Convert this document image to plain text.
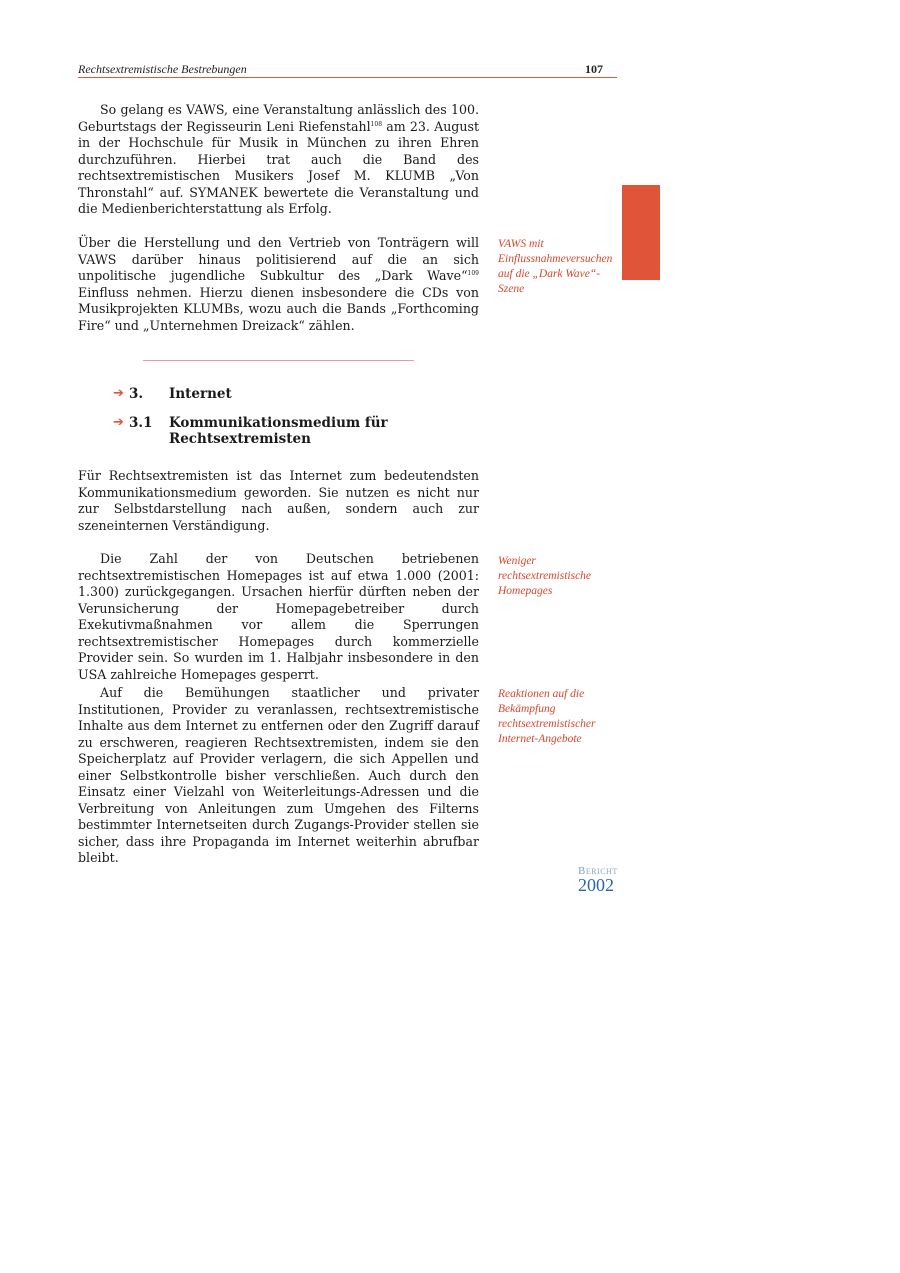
Rechtsextremistische Bestrebungen	107

So gelang es VAWS, eine Veranstaltung anlässlich des 100. Geburtstags der Regisseurin Leni Riefenstahl$^{108}$ am 23. August in der Hochschule für Musik in München zu ihren Ehren durchzuführen. Hierbei trat auch die Band des rechtsextremistischen Musikers Josef M. KLUMB „Von Thronstahl“ auf. SYMANEK bewertete die Veranstaltung und die Medienberichterstattung als Erfolg.

Über die Herstellung und den Vertrieb von Tonträgern will VAWS darüber hinaus politisierend auf die an sich unpolitische jugendliche Subkultur des „Dark Wave“$^{109}$ Einfluss nehmen. Hierzu dienen insbesondere die CDs von Musikprojekten KLUMBs, wozu auch die Bands „Forthcoming Fire“ und „Unternehmen Dreizack“ zählen.

VAWS mit Einflussnahmeversuchen auf die „Dark Wave“-Szene
➔ 3. Internet
➔ 3.1 Kommunikationsmedium für Rechtsextremisten

Für Rechtsextremisten ist das Internet zum bedeutendsten Kommunikationsmedium geworden. Sie nutzen es nicht nur zur Selbstdarstellung nach außen, sondern auch zur szeneinternen Verständigung.

Die Zahl der von Deutschen betriebenen rechtsextremistischen Homepages ist auf etwa 1.000 (2001: 1.300) zurückgegangen. Ursachen hierfür dürften neben der Verunsicherung der Homepagebetreiber durch Exekutivmaßnahmen vor allem die Sperrungen rechtsextremistischer Homepages durch kommerzielle Provider sein. So wurden im 1. Halbjahr insbesondere in den USA zahlreiche Homepages gesperrt.

Weniger rechtsextremistische Homepages

Auf die Bemühungen staatlicher und privater Institutionen, Provider zu veranlassen, rechtsextremistische Inhalte aus dem Internet zu entfernen oder den Zugriff darauf zu erschweren, reagieren Rechtsextremisten, indem sie den Speicherplatz auf Provider verlagern, die sich Appellen und einer Selbstkontrolle bisher verschließen. Auch durch den Einsatz einer Vielzahl von Weiterleitungs-Adressen und die Verbreitung von Anleitungen zum Umgehen des Filterns bestimmter Internetseiten durch Zugangs-Provider stellen sie sicher, dass ihre Propaganda im Internet weiterhin abrufbar bleibt.

Reaktionen auf die Bekämpfung rechtsextremistischer Internet-Angebote
Bericht
2002
